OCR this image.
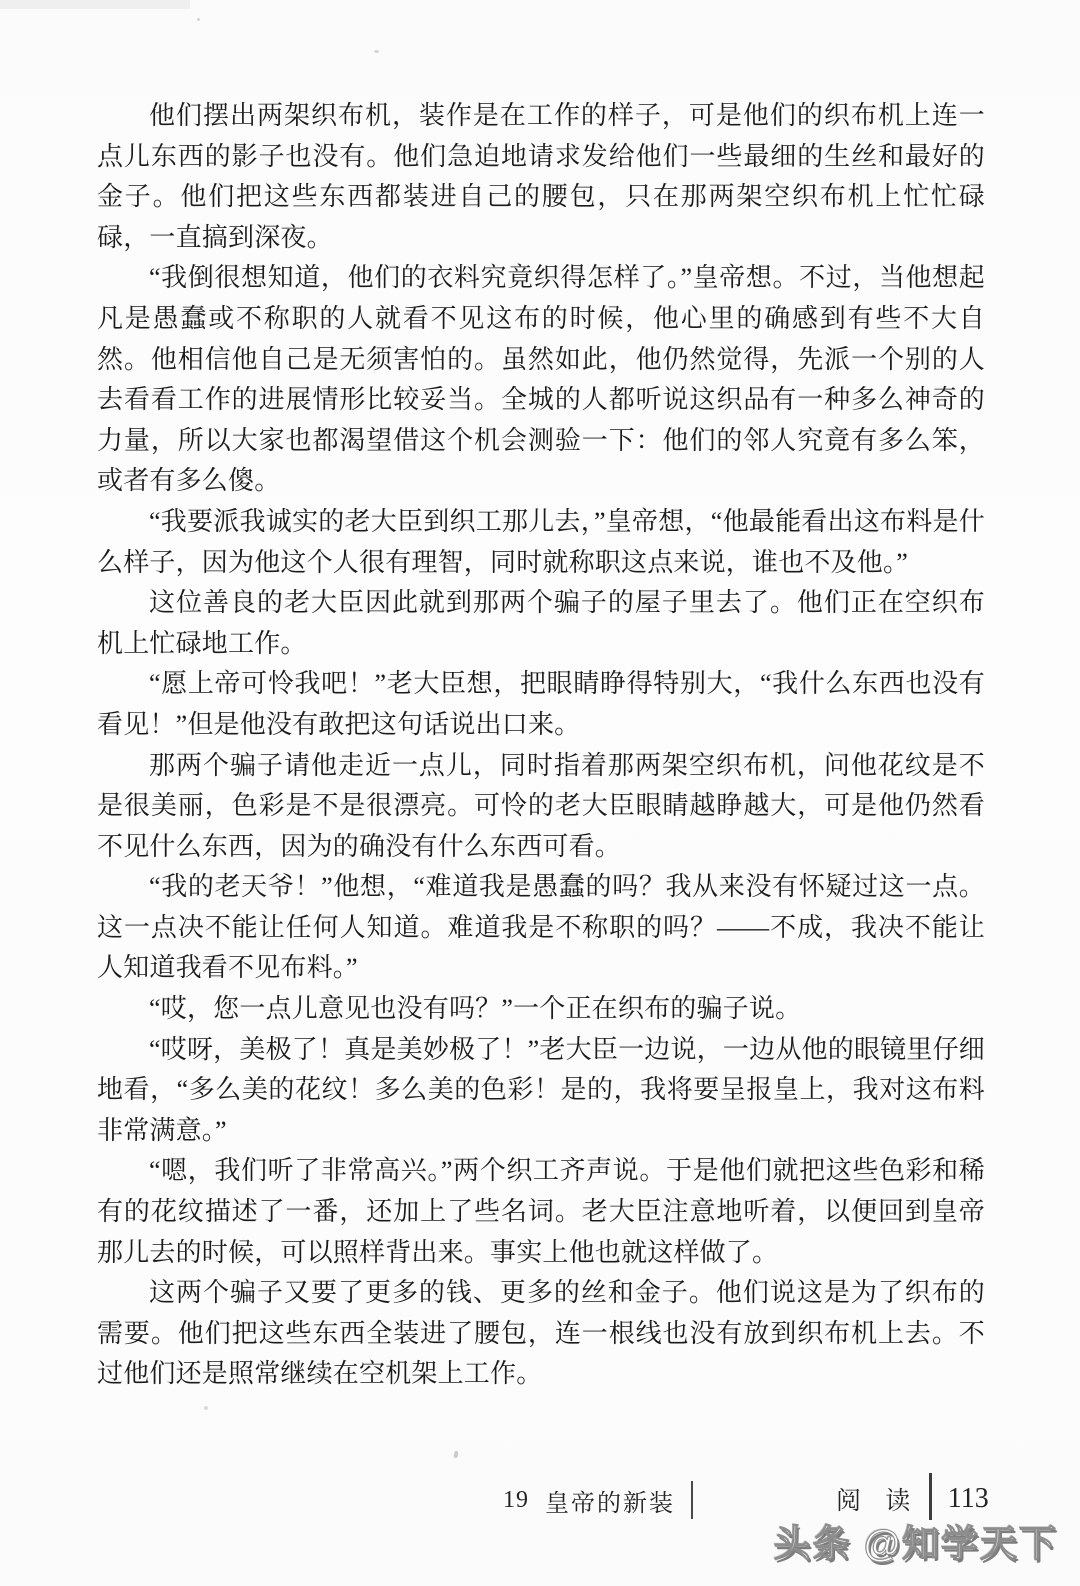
他们摆出两架织布机，装作是在工作的样子，可是他们的织布机上连一点儿东西的影子也没有。他们急迫地请求发给他们一些最细的生丝和最好的金子。他们把这些东西都装进自己的腰包，只在那两架空织布机上忙忙碌碌，一直搞到深夜。

“我倒很想知道，他们的衣料究竟织得怎样了。”皇帝想。不过，当他想起凡是愚蠢或不称职的人就看不见这布的时候，他心里的确感到有些不大自然。他相信他自己是无须害怕的。虽然如此，他仍然觉得，先派一个别的人去看看工作的进展情形比较妥当。全城的人都听说这织品有一种多么神奇的力量，所以大家也都渴望借这个机会测验一下：他们的邻人究竟有多么笨，或者有多么傻。

“我要派我诚实的老大臣到织工那儿去，”皇帝想，“他最能看出这布料是什么样子，因为他这个人很有理智，同时就称职这点来说，谁也不及他。”

这位善良的老大臣因此就到那两个骗子的屋子里去了。他们正在空织布机上忙碌地工作。

“愿上帝可怜我吧！”老大臣想，把眼睛睁得特别大，“我什么东西也没有看见！”但是他没有敢把这句话说出口来。

那两个骗子请他走近一点儿，同时指着那两架空织布机，问他花纹是不是很美丽，色彩是不是很漂亮。可怜的老大臣眼睛越睁越大，可是他仍然看不见什么东西，因为的确没有什么东西可看。

“我的老天爷！”他想，“难道我是愚蠢的吗？我从来没有怀疑过这一点。这一点决不能让任何人知道。难道我是不称职的吗？——不成，我决不能让人知道我看不见布料。”

“哎，您一点儿意见也没有吗？”一个正在织布的骗子说。

“哎呀，美极了！真是美妙极了！”老大臣一边说，一边从他的眼镜里仔细地看，“多么美的花纹！多么美的色彩！是的，我将要呈报皇上，我对这布料非常满意。”

“嗯，我们听了非常高兴。”两个织工齐声说。于是他们就把这些色彩和稀有的花纹描述了一番，还加上了些名词。老大臣注意地听着，以便回到皇帝那儿去的时候，可以照样背出来。事实上他也就这样做了。

这两个骗子又要了更多的钱、更多的丝和金子。他们说这是为了织布的需要。他们把这些东西全装进了腰包，连一根线也没有放到织布机上去。不过他们还是照常继续在空机架上工作。

19 皇帝的新装	阅 读 113
头条 @知学天下
